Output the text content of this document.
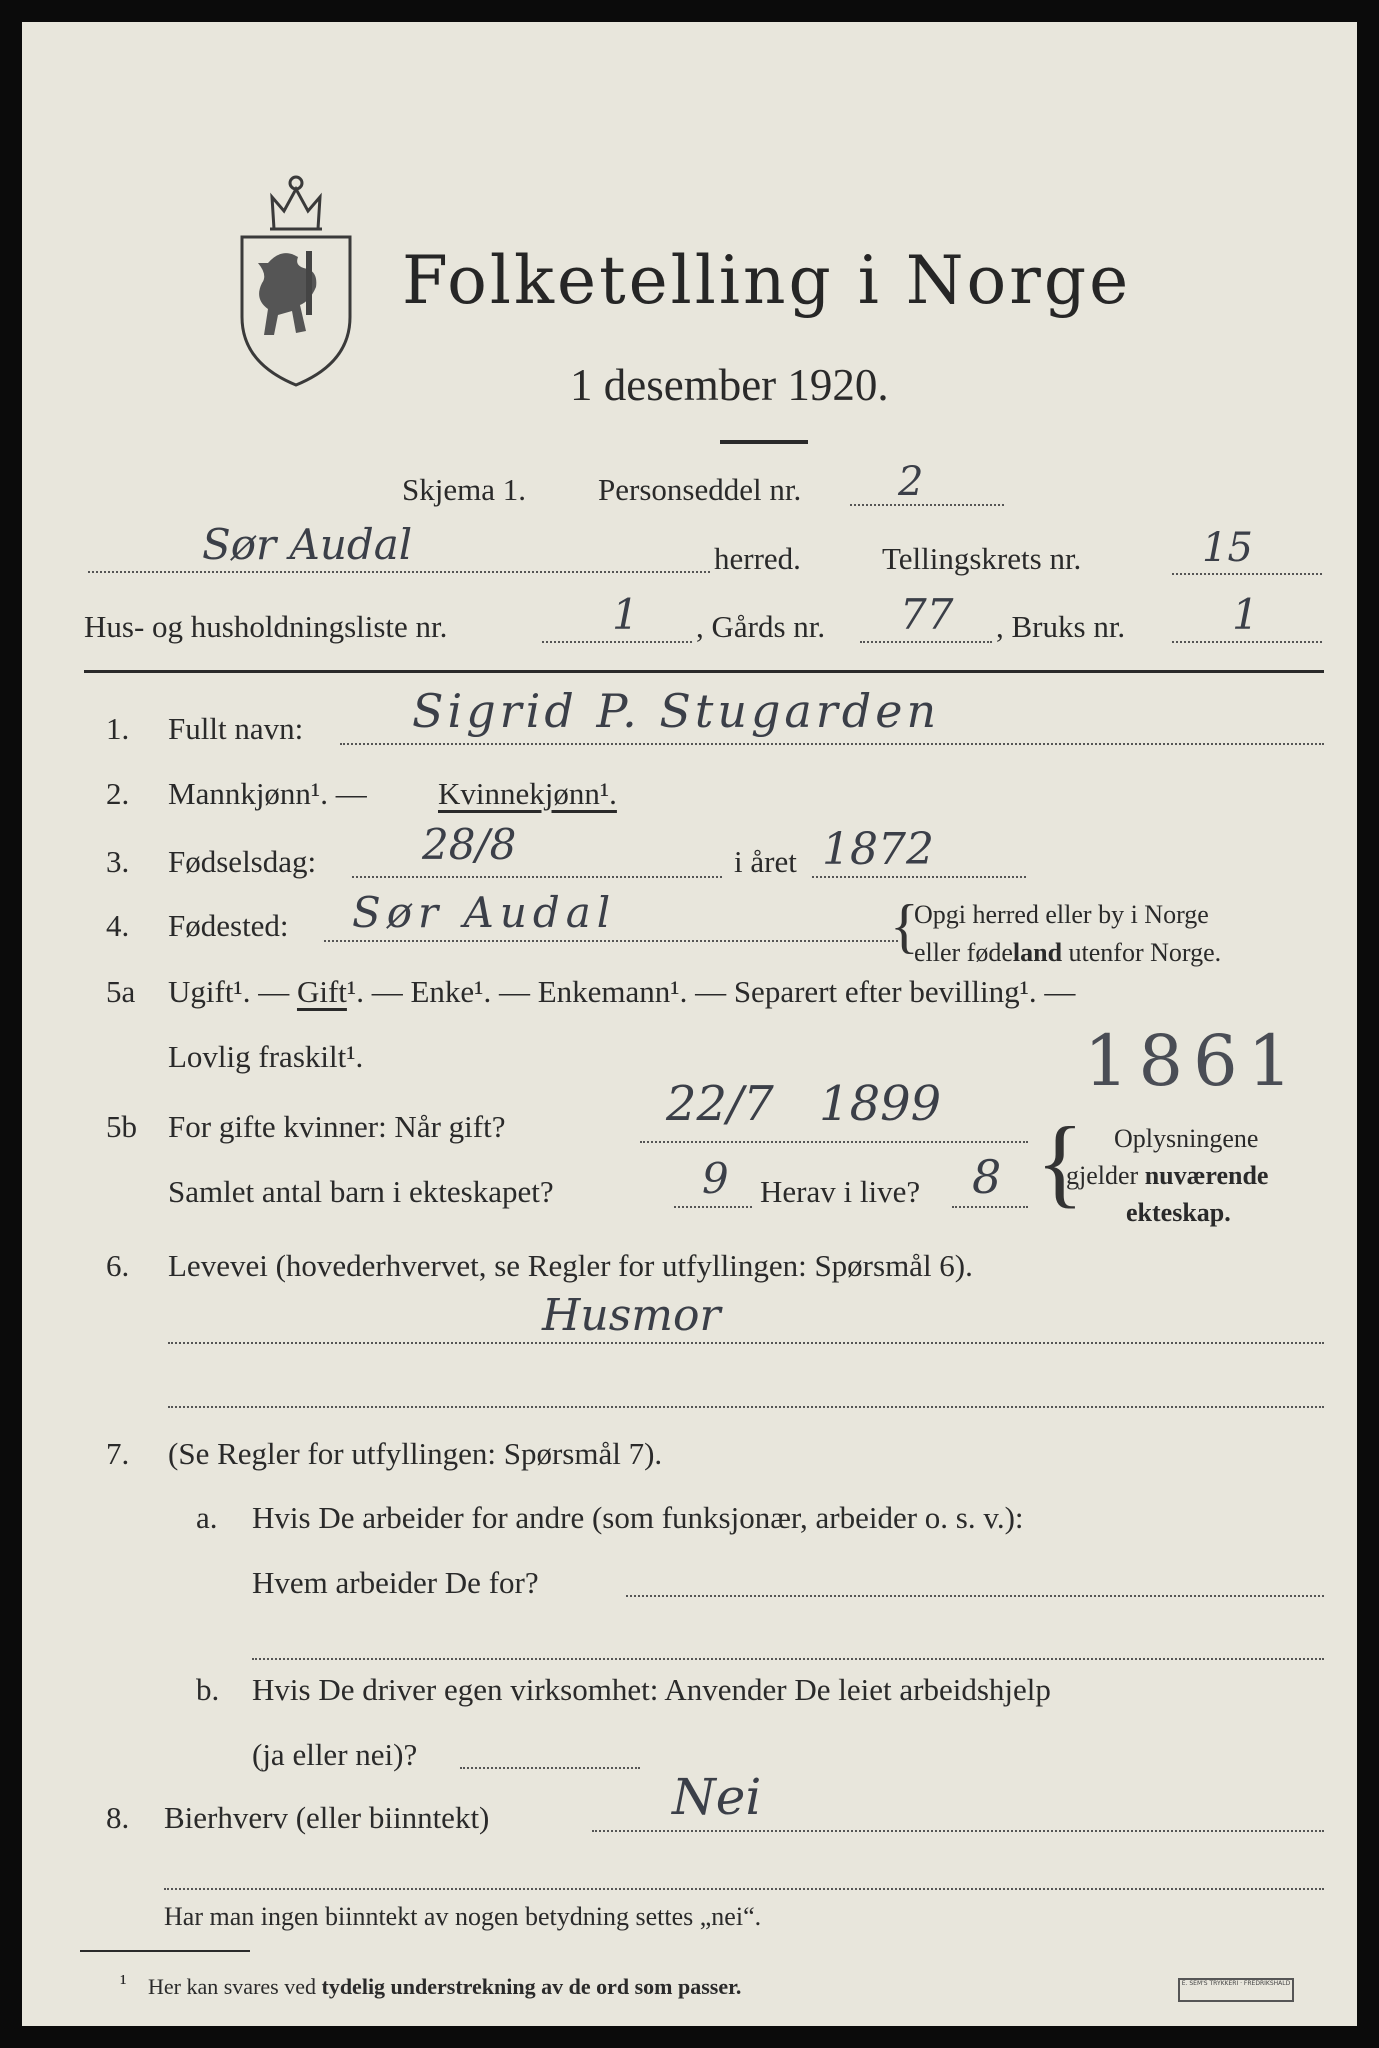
Folketelling i Norge
1 desember 1920.
Skjema 1. Personseddel nr. 2
Sør Audal	herred.	Tellingskrets nr.	15
Hus- og husholdningsliste nr.	1 , Gårds nr. 77 , Bruks nr.	1
1. Fullt navn: Sigrid P. Stugarden
2. Mannkjønn¹. — Kvinnekjønn¹.
3. Fødselsdag:	28/8	i året 1872
4. Fødested: Sør Audal	{
Opgi herred eller by i Norge
eller fødeland utenfor Norge.
5a Ugift¹. — Gift¹. — Enke¹. — Enkemann¹. — Separert efter bevilling¹. —
Lovlig fraskilt¹.	1861
5b For gifte kvinner: Når gift?	22/7 1899
Samlet antal barn i ekteskapet?	9 Herav i live? 8 { Oplysningene
gjelder nuværende
ekteskap.
6. Levevei (hovederhvervet, se Regler for utfyllingen: Spørsmål 6).
Husmor
7. (Se Regler for utfyllingen: Spørsmål 7).
a. Hvis De arbeider for andre (som funksjonær, arbeider o. s. v.):
Hvem arbeider De for?
b. Hvis De driver egen virksomhet: Anvender De leiet arbeidshjelp
(ja eller nei)?
8. Bierhverv (eller biinntekt)	Nei
Har man ingen biinntekt av nogen betydning settes „nei“.
¹ Her kan svares ved tydelig understrekning av de ord som passer.	E. SEM'S TRYKKERI · FREDRIKSHALD
